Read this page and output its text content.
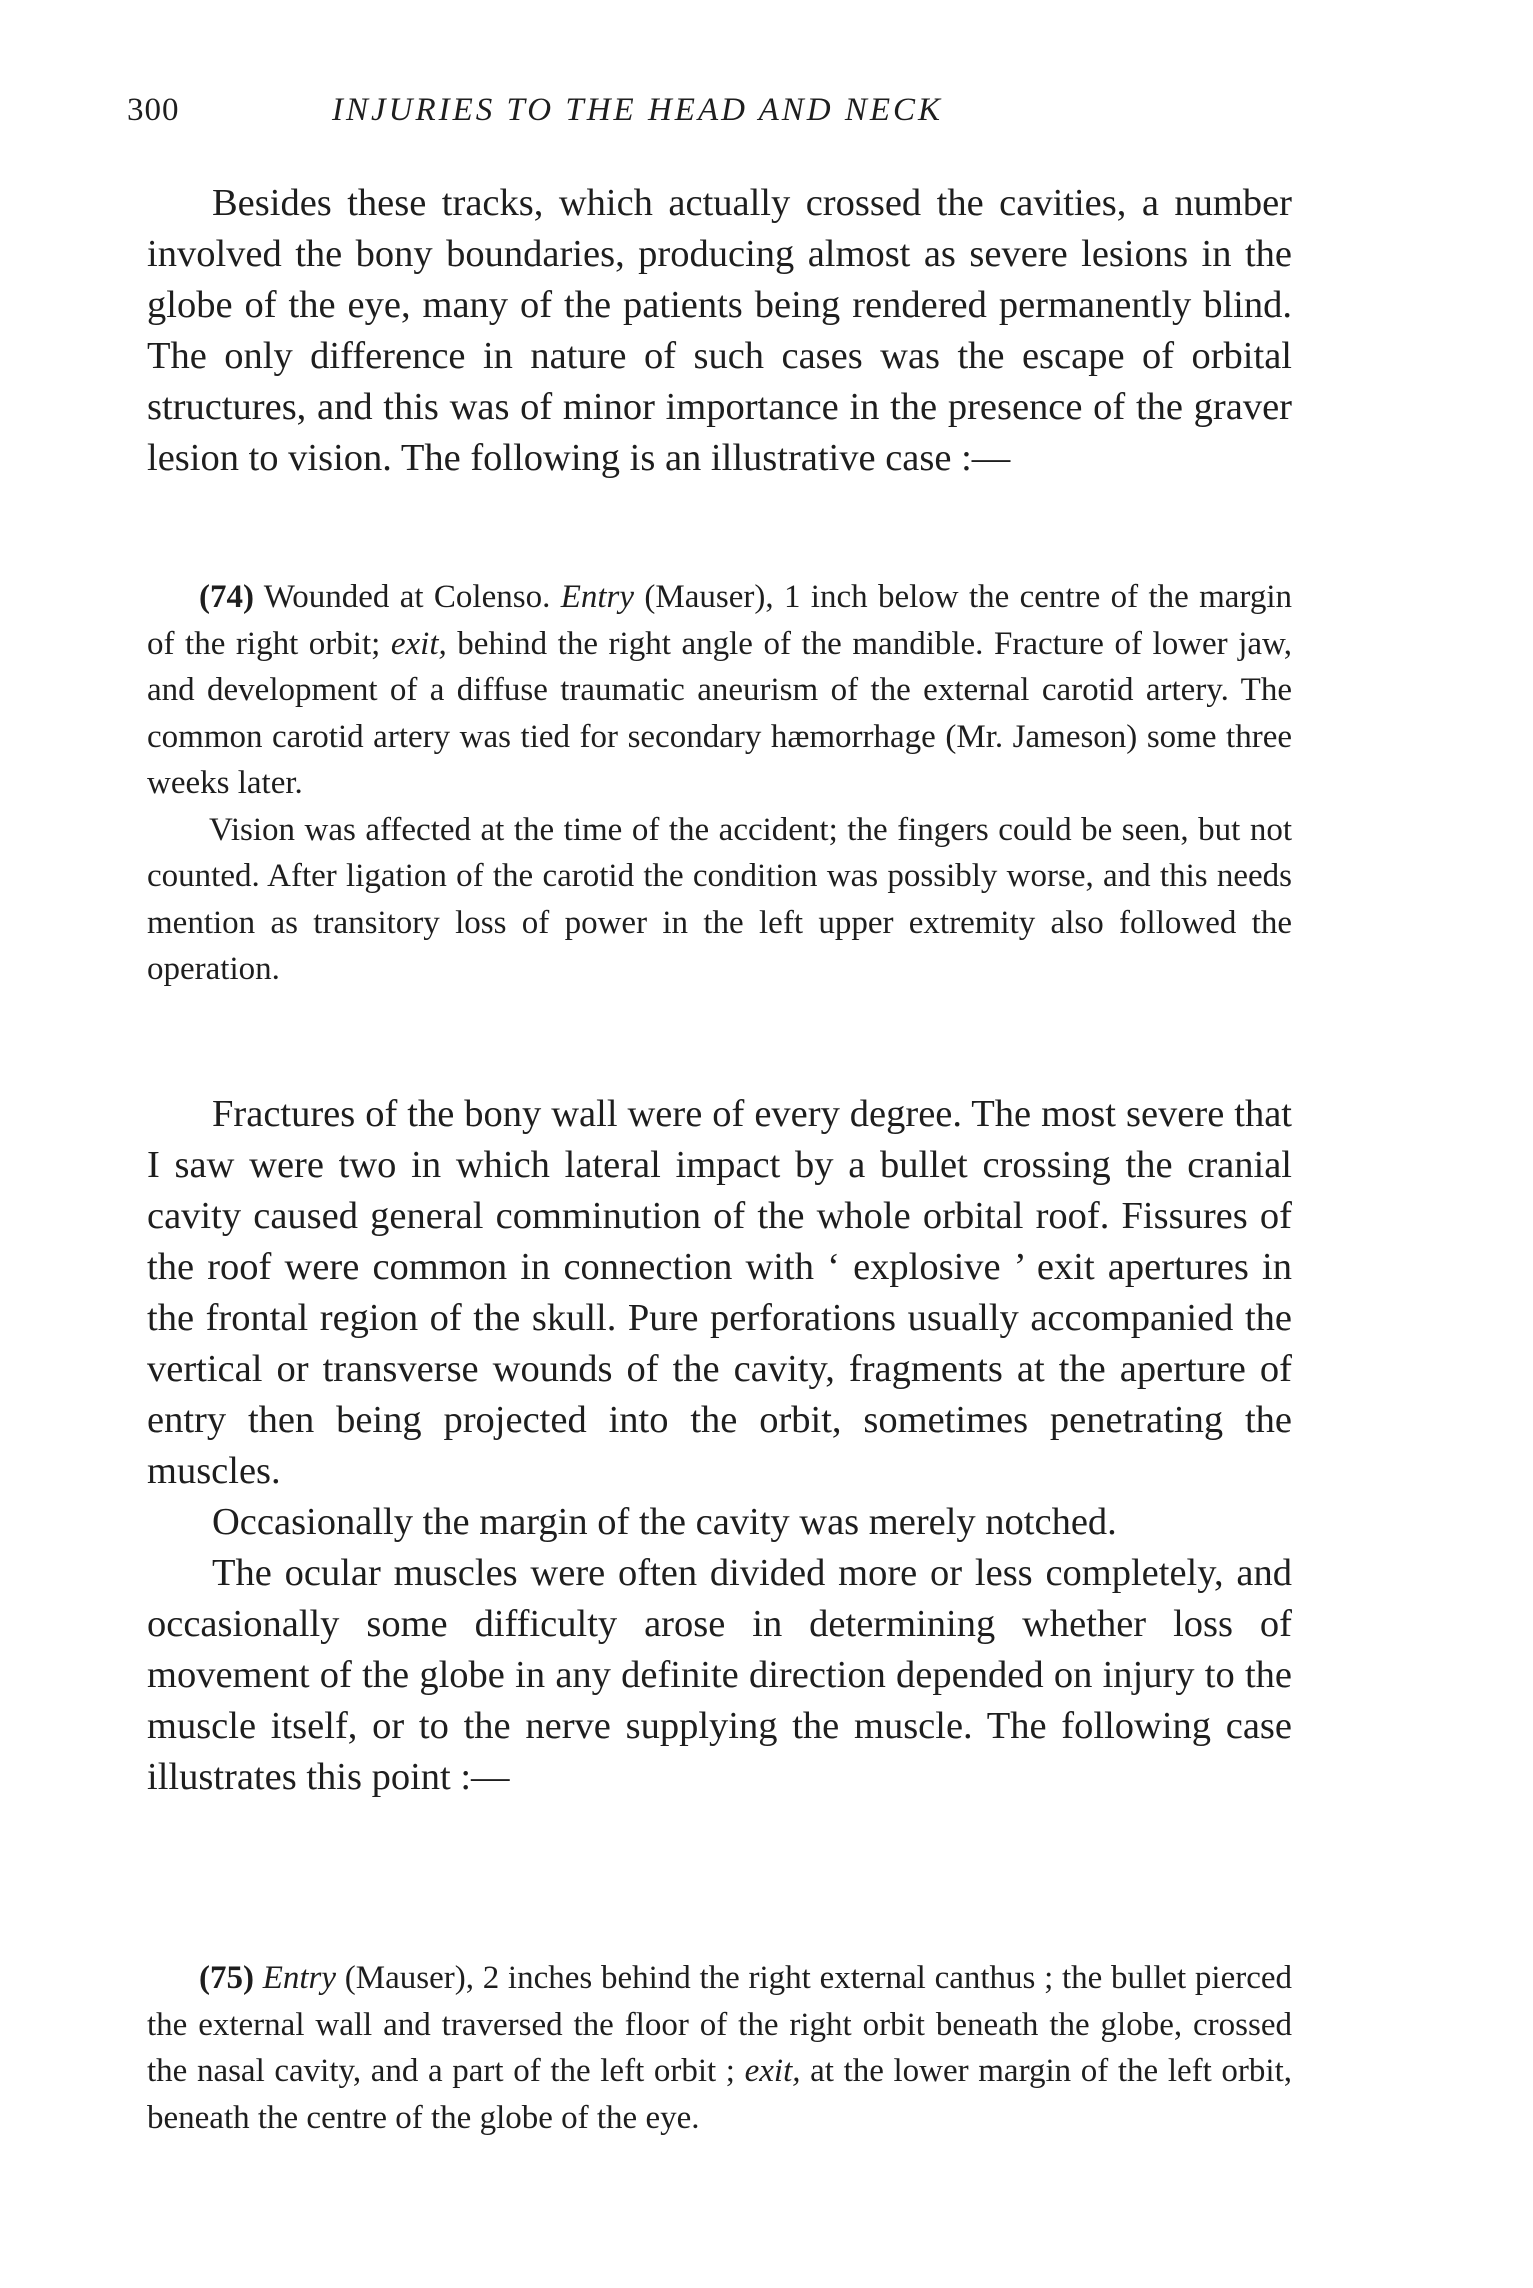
300	INJURIES TO THE HEAD AND NECK

Besides these tracks, which actually crossed the cavities, a number involved the bony boundaries, producing almost as severe lesions in the globe of the eye, many of the patients being rendered permanently blind. The only difference in nature of such cases was the escape of orbital structures, and this was of minor importance in the presence of the graver lesion to vision. The following is an illustrative case :—

(74) Wounded at Colenso. Entry (Mauser), 1 inch below the centre of the margin of the right orbit; exit, behind the right angle of the mandible. Fracture of lower jaw, and development of a diffuse traumatic aneurism of the external carotid artery. The common carotid artery was tied for secondary hæmorrhage (Mr. Jameson) some three weeks later.

Vision was affected at the time of the accident; the fingers could be seen, but not counted. After ligation of the carotid the condition was possibly worse, and this needs mention as transitory loss of power in the left upper extremity also followed the operation.

Fractures of the bony wall were of every degree. The most severe that I saw were two in which lateral impact by a bullet crossing the cranial cavity caused general comminution of the whole orbital roof. Fissures of the roof were common in connection with ‘ explosive ’ exit apertures in the frontal region of the skull. Pure perforations usually accompanied the vertical or transverse wounds of the cavity, fragments at the aperture of entry then being projected into the orbit, sometimes penetrating the muscles.

Occasionally the margin of the cavity was merely notched.

The ocular muscles were often divided more or less completely, and occasionally some difficulty arose in determining whether loss of movement of the globe in any definite direction depended on injury to the muscle itself, or to the nerve supplying the muscle. The following case illustrates this point :—

(75) Entry (Mauser), 2 inches behind the right external canthus ; the bullet pierced the external wall and traversed the floor of the right orbit beneath the globe, crossed the nasal cavity, and a part of the left orbit ; exit, at the lower margin of the left orbit, beneath the centre of the globe of the eye.
